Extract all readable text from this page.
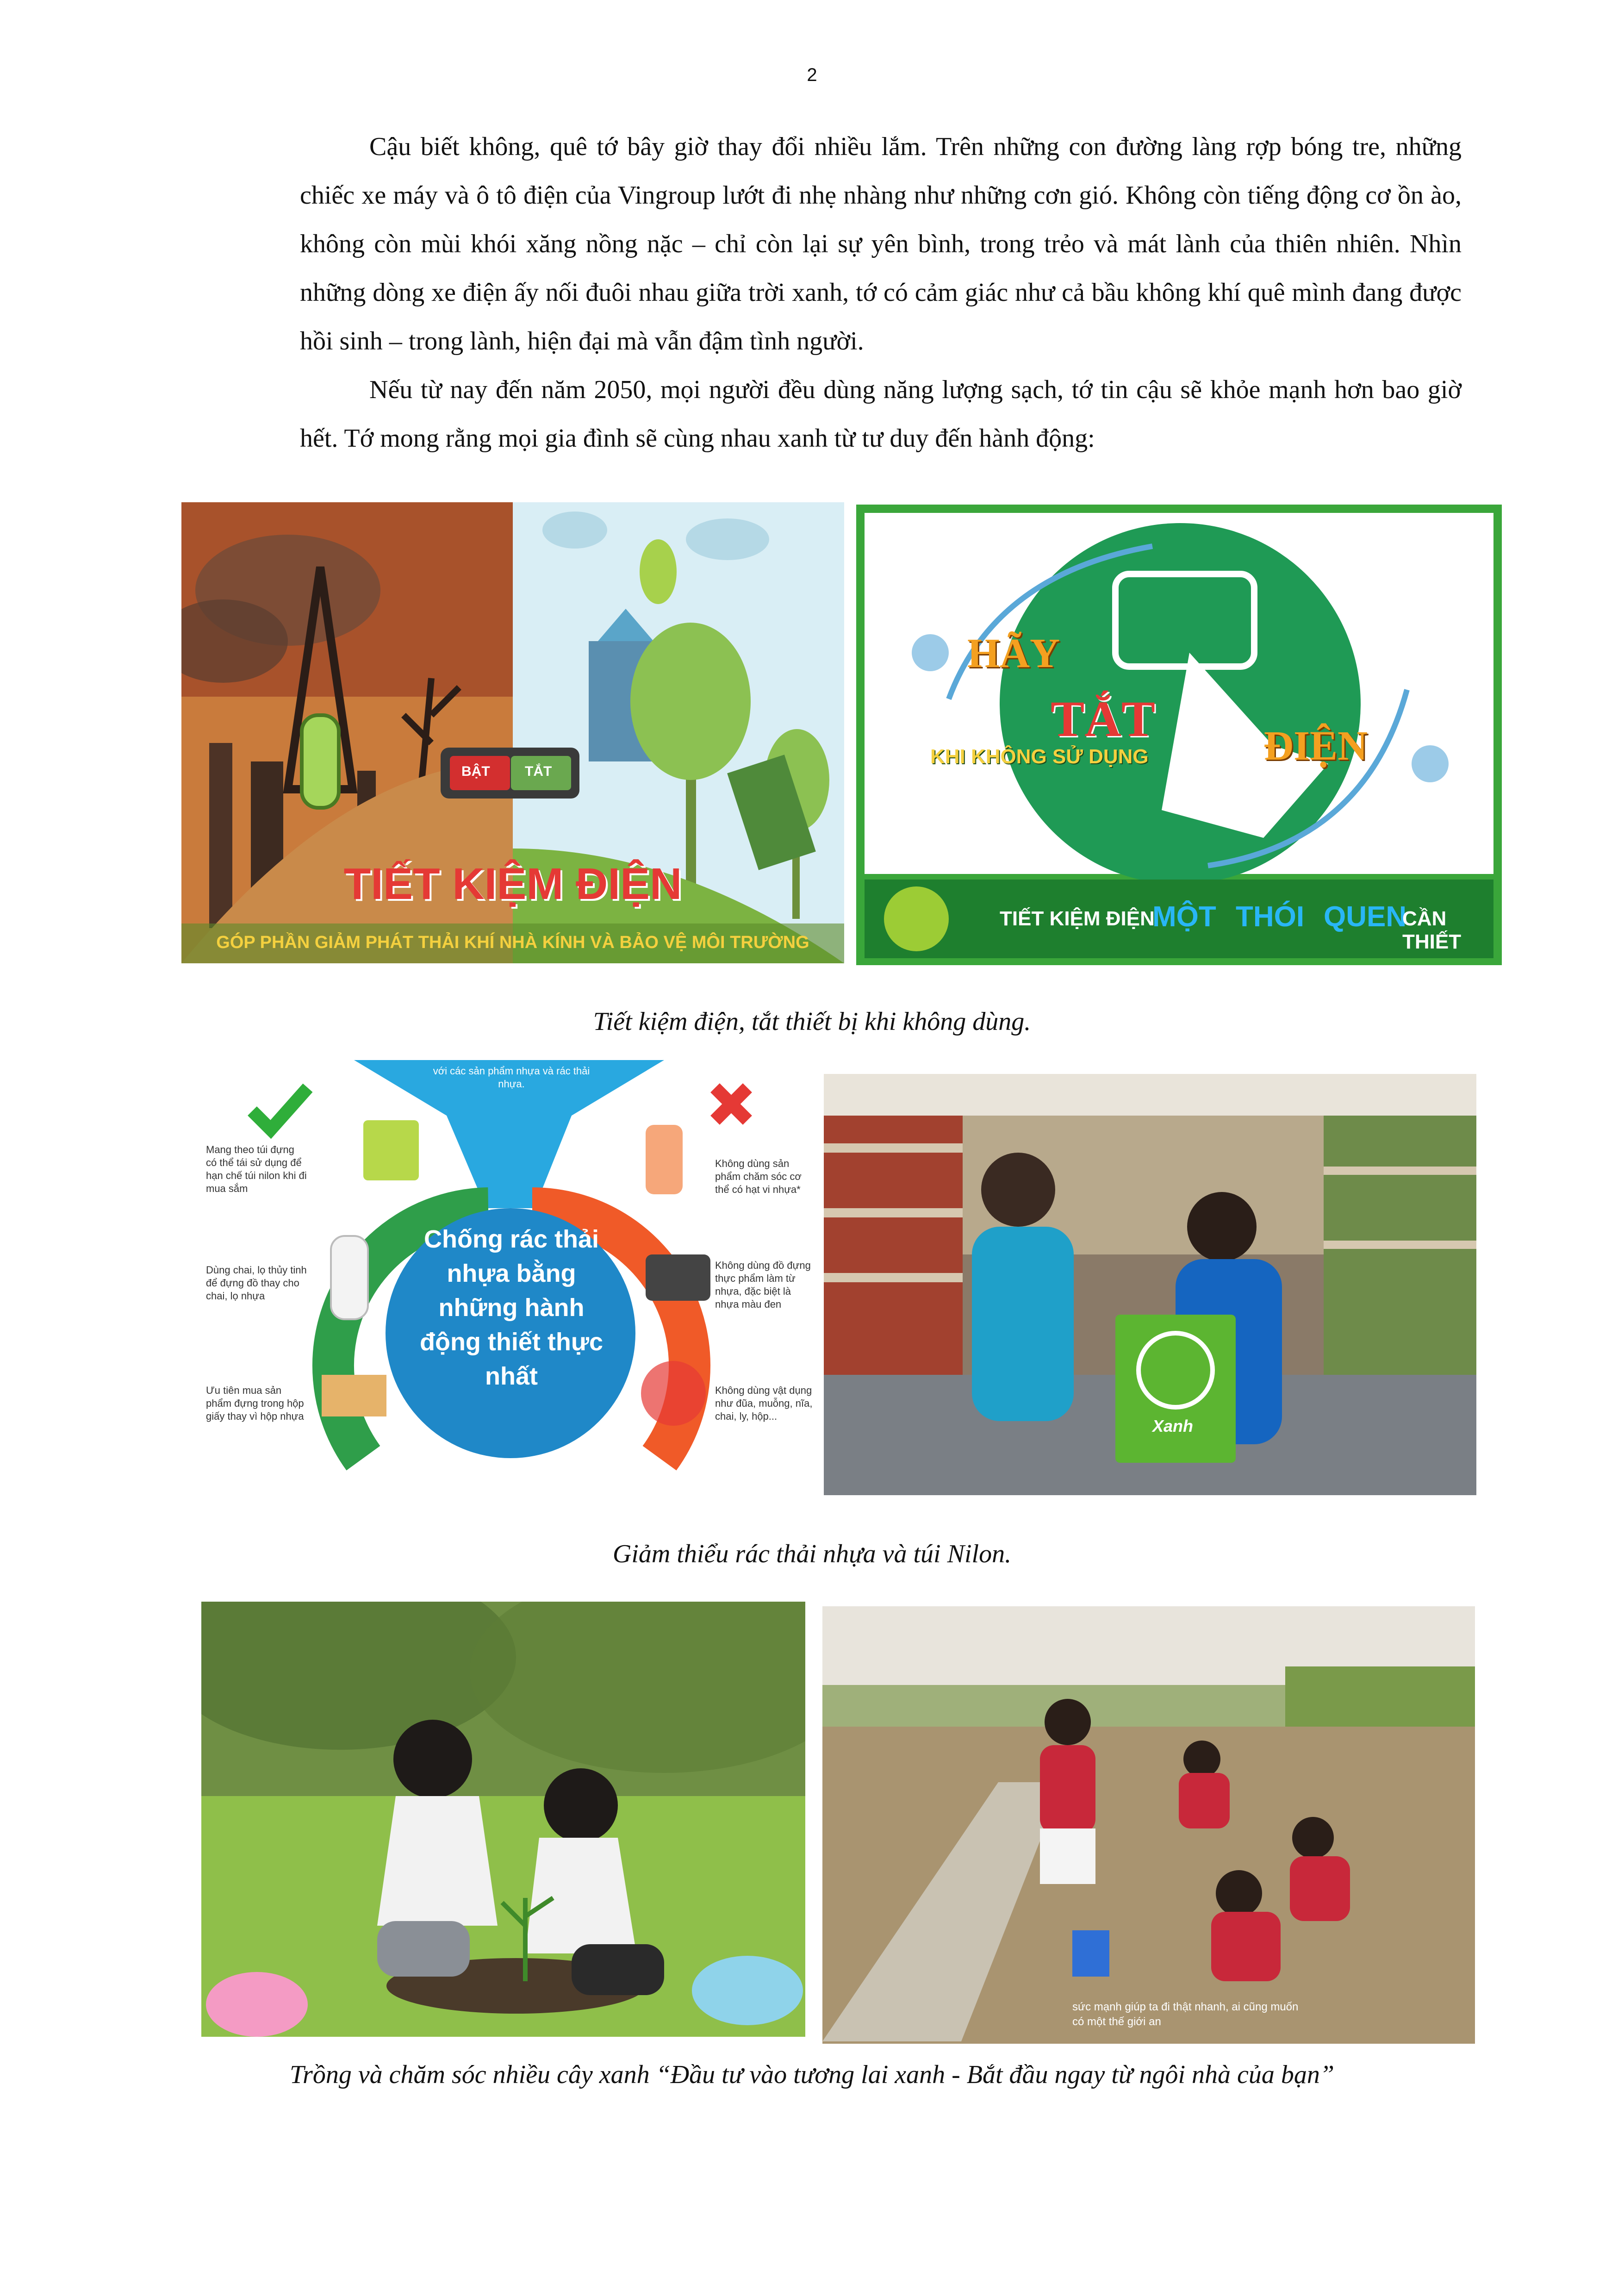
2

Cậu biết không, quê tớ bây giờ thay đổi nhiều lắm. Trên những con đường làng rợp bóng tre, những chiếc xe máy và ô tô điện của Vingroup lướt đi nhẹ nhàng như những cơn gió. Không còn tiếng động cơ ồn ào, không còn mùi khói xăng nồng nặc – chỉ còn lại sự yên bình, trong trẻo và mát lành của thiên nhiên. Nhìn những dòng xe điện ấy nối đuôi nhau giữa trời xanh, tớ có cảm giác như cả bầu không khí quê mình đang được hồi sinh – trong lành, hiện đại mà vẫn đậm tình người.

Nếu từ nay đến năm 2050, mọi người đều dùng năng lượng sạch, tớ tin cậu sẽ khỏe mạnh hơn bao giờ hết. Tớ mong rằng mọi gia đình sẽ cùng nhau xanh từ tư duy đến hành động:

BẬT	TẮT
TIẾT KIỆM ĐIỆN
GÓP PHẦN GIẢM PHÁT THẢI KHÍ NHÀ KÍNH VÀ BẢO VỆ MÔI TRƯỜNG
HÃY
TẮT
KHI KHÔNG SỬ DỤNG	ĐIỆN
TIẾT KIỆM ĐIỆN
MỘT THÓI QUEN
CẦN THIẾT
Tiết kiệm điện, tắt thiết bị khi không dùng.
với các sản phẩm nhựa và rác thải nhựa.
Chống rác thải nhựa bằng những hành động thiết thực nhất
Mang theo túi đựng có thể tái sử dụng để hạn chế túi nilon khi đi mua sắm
Dùng chai, lọ thủy tinh để đựng đồ thay cho chai, lọ nhựa
Ưu tiên mua sản phẩm đựng trong hộp giấy thay vì hộp nhựa
Không dùng sản phẩm chăm sóc cơ thể có hạt vi nhựa*
Không dùng đồ đựng thực phẩm làm từ nhựa, đặc biệt là nhựa màu đen
Không dùng vật dụng như đũa, muỗng, nĩa, chai, ly, hộp...
Xanh
Giảm thiểu rác thải nhựa và túi Nilon.
sức mạnh giúp ta đi thật nhanh, ai cũng muốn có một thế giới an
Trồng và chăm sóc nhiều cây xanh “Đầu tư vào tương lai xanh - Bắt đầu ngay từ ngôi nhà của bạn”
